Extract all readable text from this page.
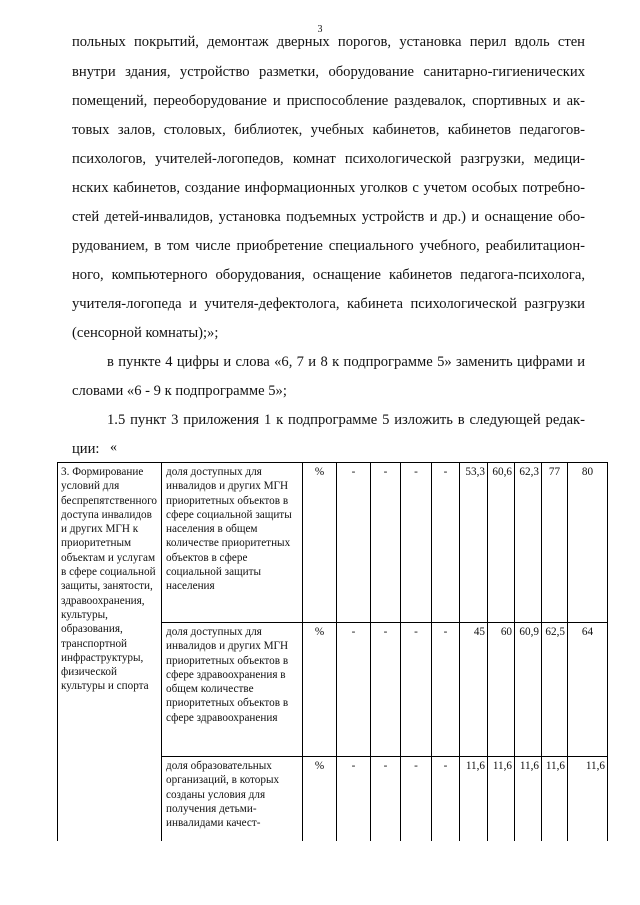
3
польных покрытий, демонтаж дверных порогов, установка перил вдоль стен
внутри здания, устройство разметки, оборудование санитарно-гигиенических
помещений, переоборудование и приспособление раздевалок, спортивных и ак-
товых залов, столовых, библиотек, учебных кабинетов, кабинетов педагогов-
психологов, учителей-логопедов, комнат психологической разгрузки, медици-
нских кабинетов, создание информационных уголков с учетом особых потребно-
стей детей-инвалидов, установка подъемных устройств и др.) и оснащение обо-
рудованием, в том числе приобретение специального учебного, реабилитацион-
ного, компьютерного оборудования, оснащение кабинетов педагога-психолога,
учителя-логопеда и учителя-дефектолога, кабинета психологической разгрузки
(сенсорной комнаты);»;
в пункте 4 цифры и слова «6, 7 и 8 к подпрограмме 5» заменить цифрами и
словами «6 - 9 к подпрограмме 5»;
1.5 пункт 3 приложения 1 к подпрограмме 5 изложить в следующей редак-
ции: «
3. Формирование условий для беспрепятственного доступа инвалидов и других МГН к приоритетным объектам и услугам в сфере социальной защиты, занятости, здравоохранения, культуры, образования, транспортной инфраструктуры, физической культуры и спорта	доля доступных для инвалидов и других МГН приоритетных объектов в сфере социальной защиты населения в общем количестве приоритетных объектов в сфере социальной защиты населения	%	-	-	-	-	53,3	60,6	62,3	77	80
	доля доступных для инвалидов и других МГН приоритетных объектов в сфере здравоохранения в общем количестве приоритетных объектов в сфере здравоохранения	%	-	-	-	-	45	60	60,9	62,5	64
	доля образовательных организаций, в которых созданы условия для получения детьми-инвалидами качест-	%	-	-	-	-	11,6	11,6	11,6	11,6	11,6
